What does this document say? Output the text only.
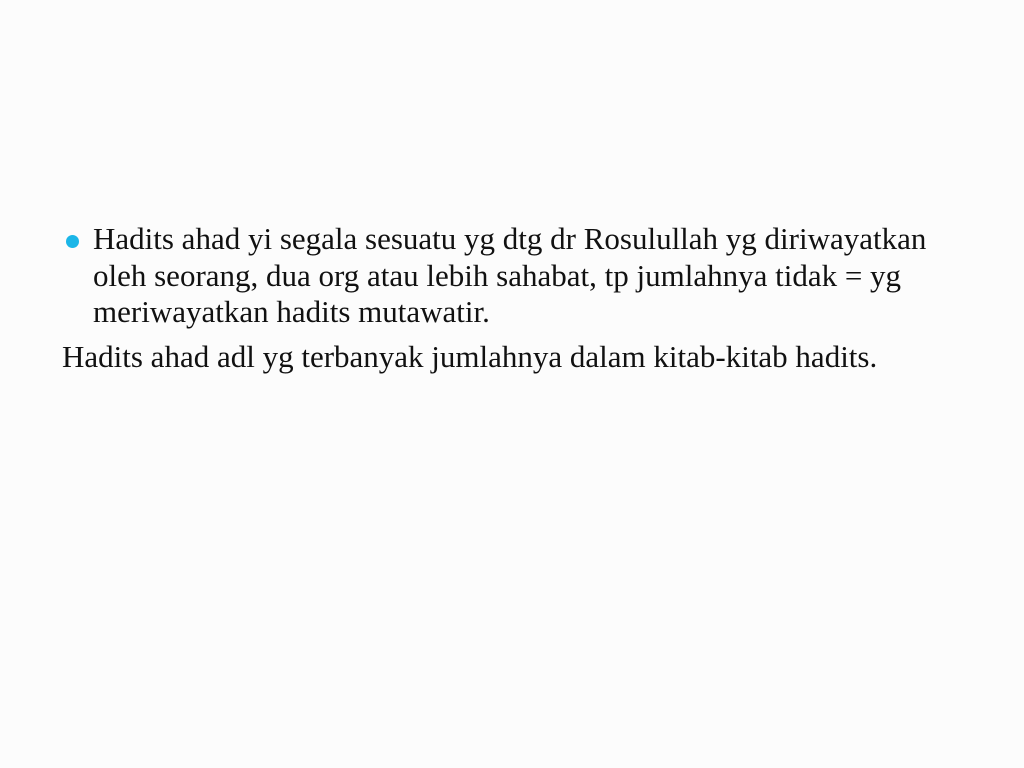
Hadits ahad yi segala sesuatu yg dtg dr Rosulullah yg diriwayatkan oleh seorang, dua org atau lebih sahabat, tp jumlahnya tidak = yg meriwayatkan hadits mutawatir.

Hadits ahad adl yg terbanyak jumlahnya dalam kitab-kitab hadits.
